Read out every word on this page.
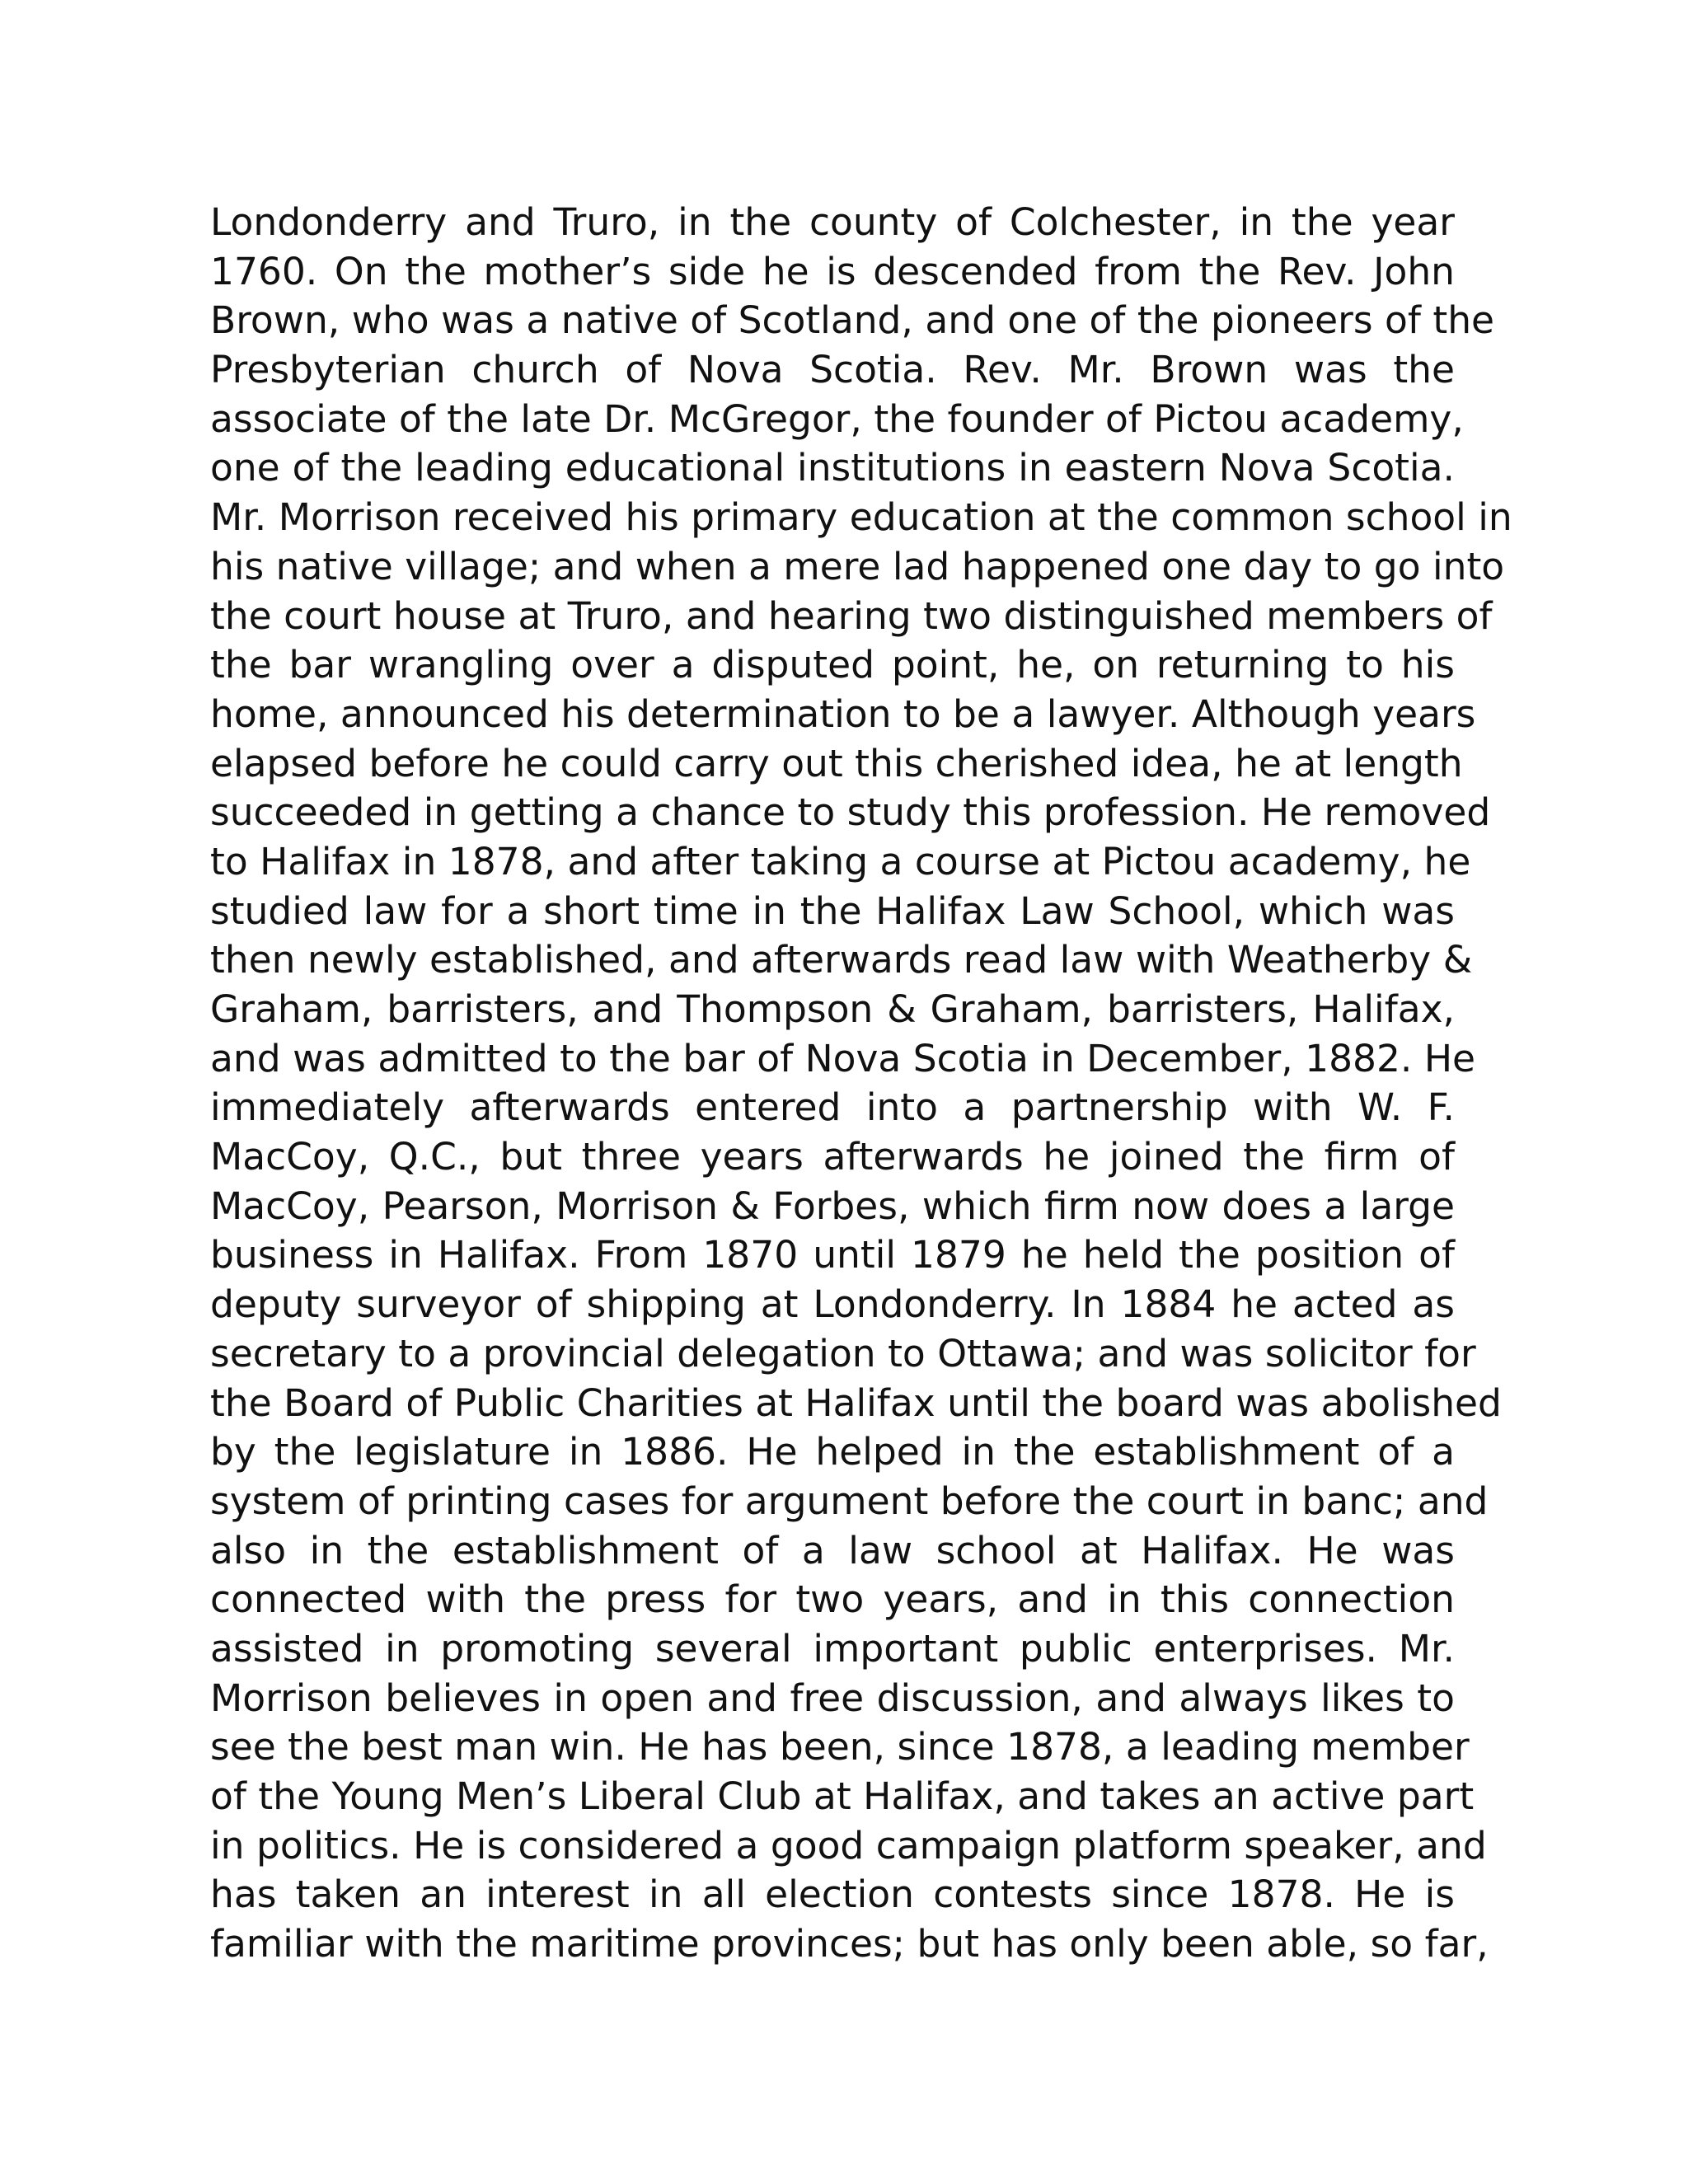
Londonderry and Truro, in the county of Colchester, in the year
1760. On the mother’s side he is descended from the Rev. John
Brown, who was a native of Scotland, and one of the pioneers of the
Presbyterian church of Nova Scotia. Rev. Mr. Brown was the
associate of the late Dr. McGregor, the founder of Pictou academy,
one of the leading educational institutions in eastern Nova Scotia.
Mr. Morrison received his primary education at the common school in
his native village; and when a mere lad happened one day to go into
the court house at Truro, and hearing two distinguished members of
the bar wrangling over a disputed point, he, on returning to his
home, announced his determination to be a lawyer. Although years
elapsed before he could carry out this cherished idea, he at length
succeeded in getting a chance to study this profession. He removed
to Halifax in 1878, and after taking a course at Pictou academy, he
studied law for a short time in the Halifax Law School, which was
then newly established, and afterwards read law with Weatherby &
Graham, barristers, and Thompson & Graham, barristers, Halifax,
and was admitted to the bar of Nova Scotia in December, 1882. He
immediately afterwards entered into a partnership with W. F.
MacCoy, Q.C., but three years afterwards he joined the firm of
MacCoy, Pearson, Morrison & Forbes, which firm now does a large
business in Halifax. From 1870 until 1879 he held the position of
deputy surveyor of shipping at Londonderry. In 1884 he acted as
secretary to a provincial delegation to Ottawa; and was solicitor for
the Board of Public Charities at Halifax until the board was abolished
by the legislature in 1886. He helped in the establishment of a
system of printing cases for argument before the court in banc; and
also in the establishment of a law school at Halifax. He was
connected with the press for two years, and in this connection
assisted in promoting several important public enterprises. Mr.
Morrison believes in open and free discussion, and always likes to
see the best man win. He has been, since 1878, a leading member
of the Young Men’s Liberal Club at Halifax, and takes an active part
in politics. He is considered a good campaign platform speaker, and
has taken an interest in all election contests since 1878. He is
familiar with the maritime provinces; but has only been able, so far,
